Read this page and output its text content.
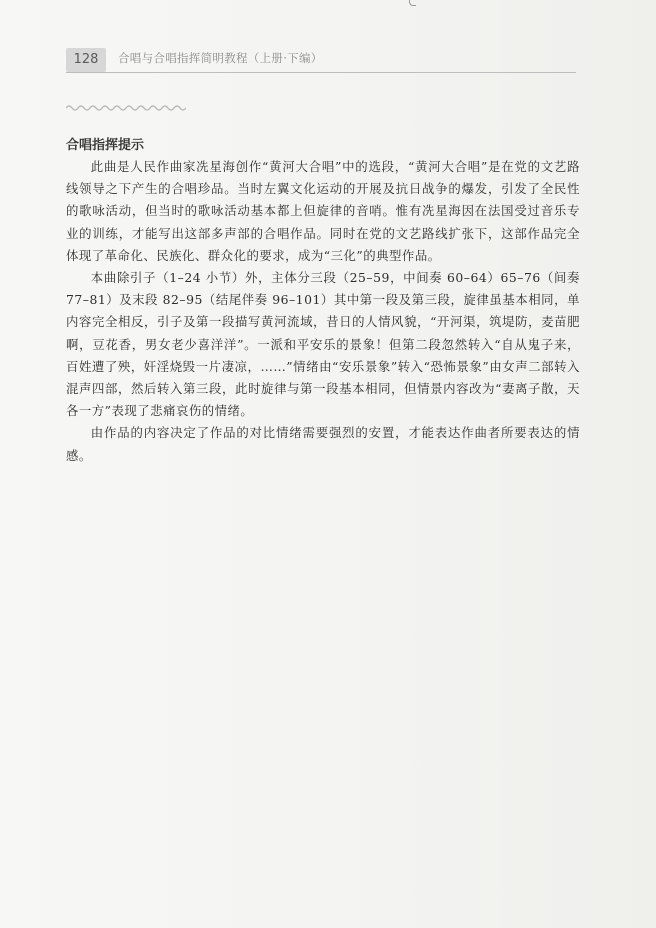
128	合唱与合唱指挥简明教程（上册·下编）
合唱指挥提示

此曲是人民作曲家冼星海创作“黄河大合唱”中的选段，“黄河大合唱”是在党的文艺路线领导之下产生的合唱珍品。当时左翼文化运动的开展及抗日战争的爆发，引发了全民性的歌咏活动，但当时的歌咏活动基本都上但旋律的音哨。惟有冼星海因在法国受过音乐专业的训练，才能写出这部多声部的合唱作品。同时在党的文艺路线扩张下，这部作品完全体现了革命化、民族化、群众化的要求，成为“三化”的典型作品。

本曲除引子（1–24 小节）外，主体分三段（25–59，中间奏 60–64）65–76（间奏 77–81）及末段 82–95（结尾伴奏 96–101）其中第一段及第三段，旋律虽基本相同，单内容完全相反，引子及第一段描写黄河流域，昔日的人情风貌，“开河渠，筑堤防，麦苗肥啊，豆花香，男女老少喜洋洋”。一派和平安乐的景象！但第二段忽然转入“自从鬼子来，百姓遭了殃，奸淫烧毁一片凄凉，……”情绪由“安乐景象”转入“恐怖景象”由女声二部转入混声四部，然后转入第三段，此时旋律与第一段基本相同，但情景内容改为“妻离子散，天各一方”表现了悲痛哀伤的情绪。

由作品的内容决定了作品的对比情绪需要强烈的安置，才能表达作曲者所要表达的情感。
